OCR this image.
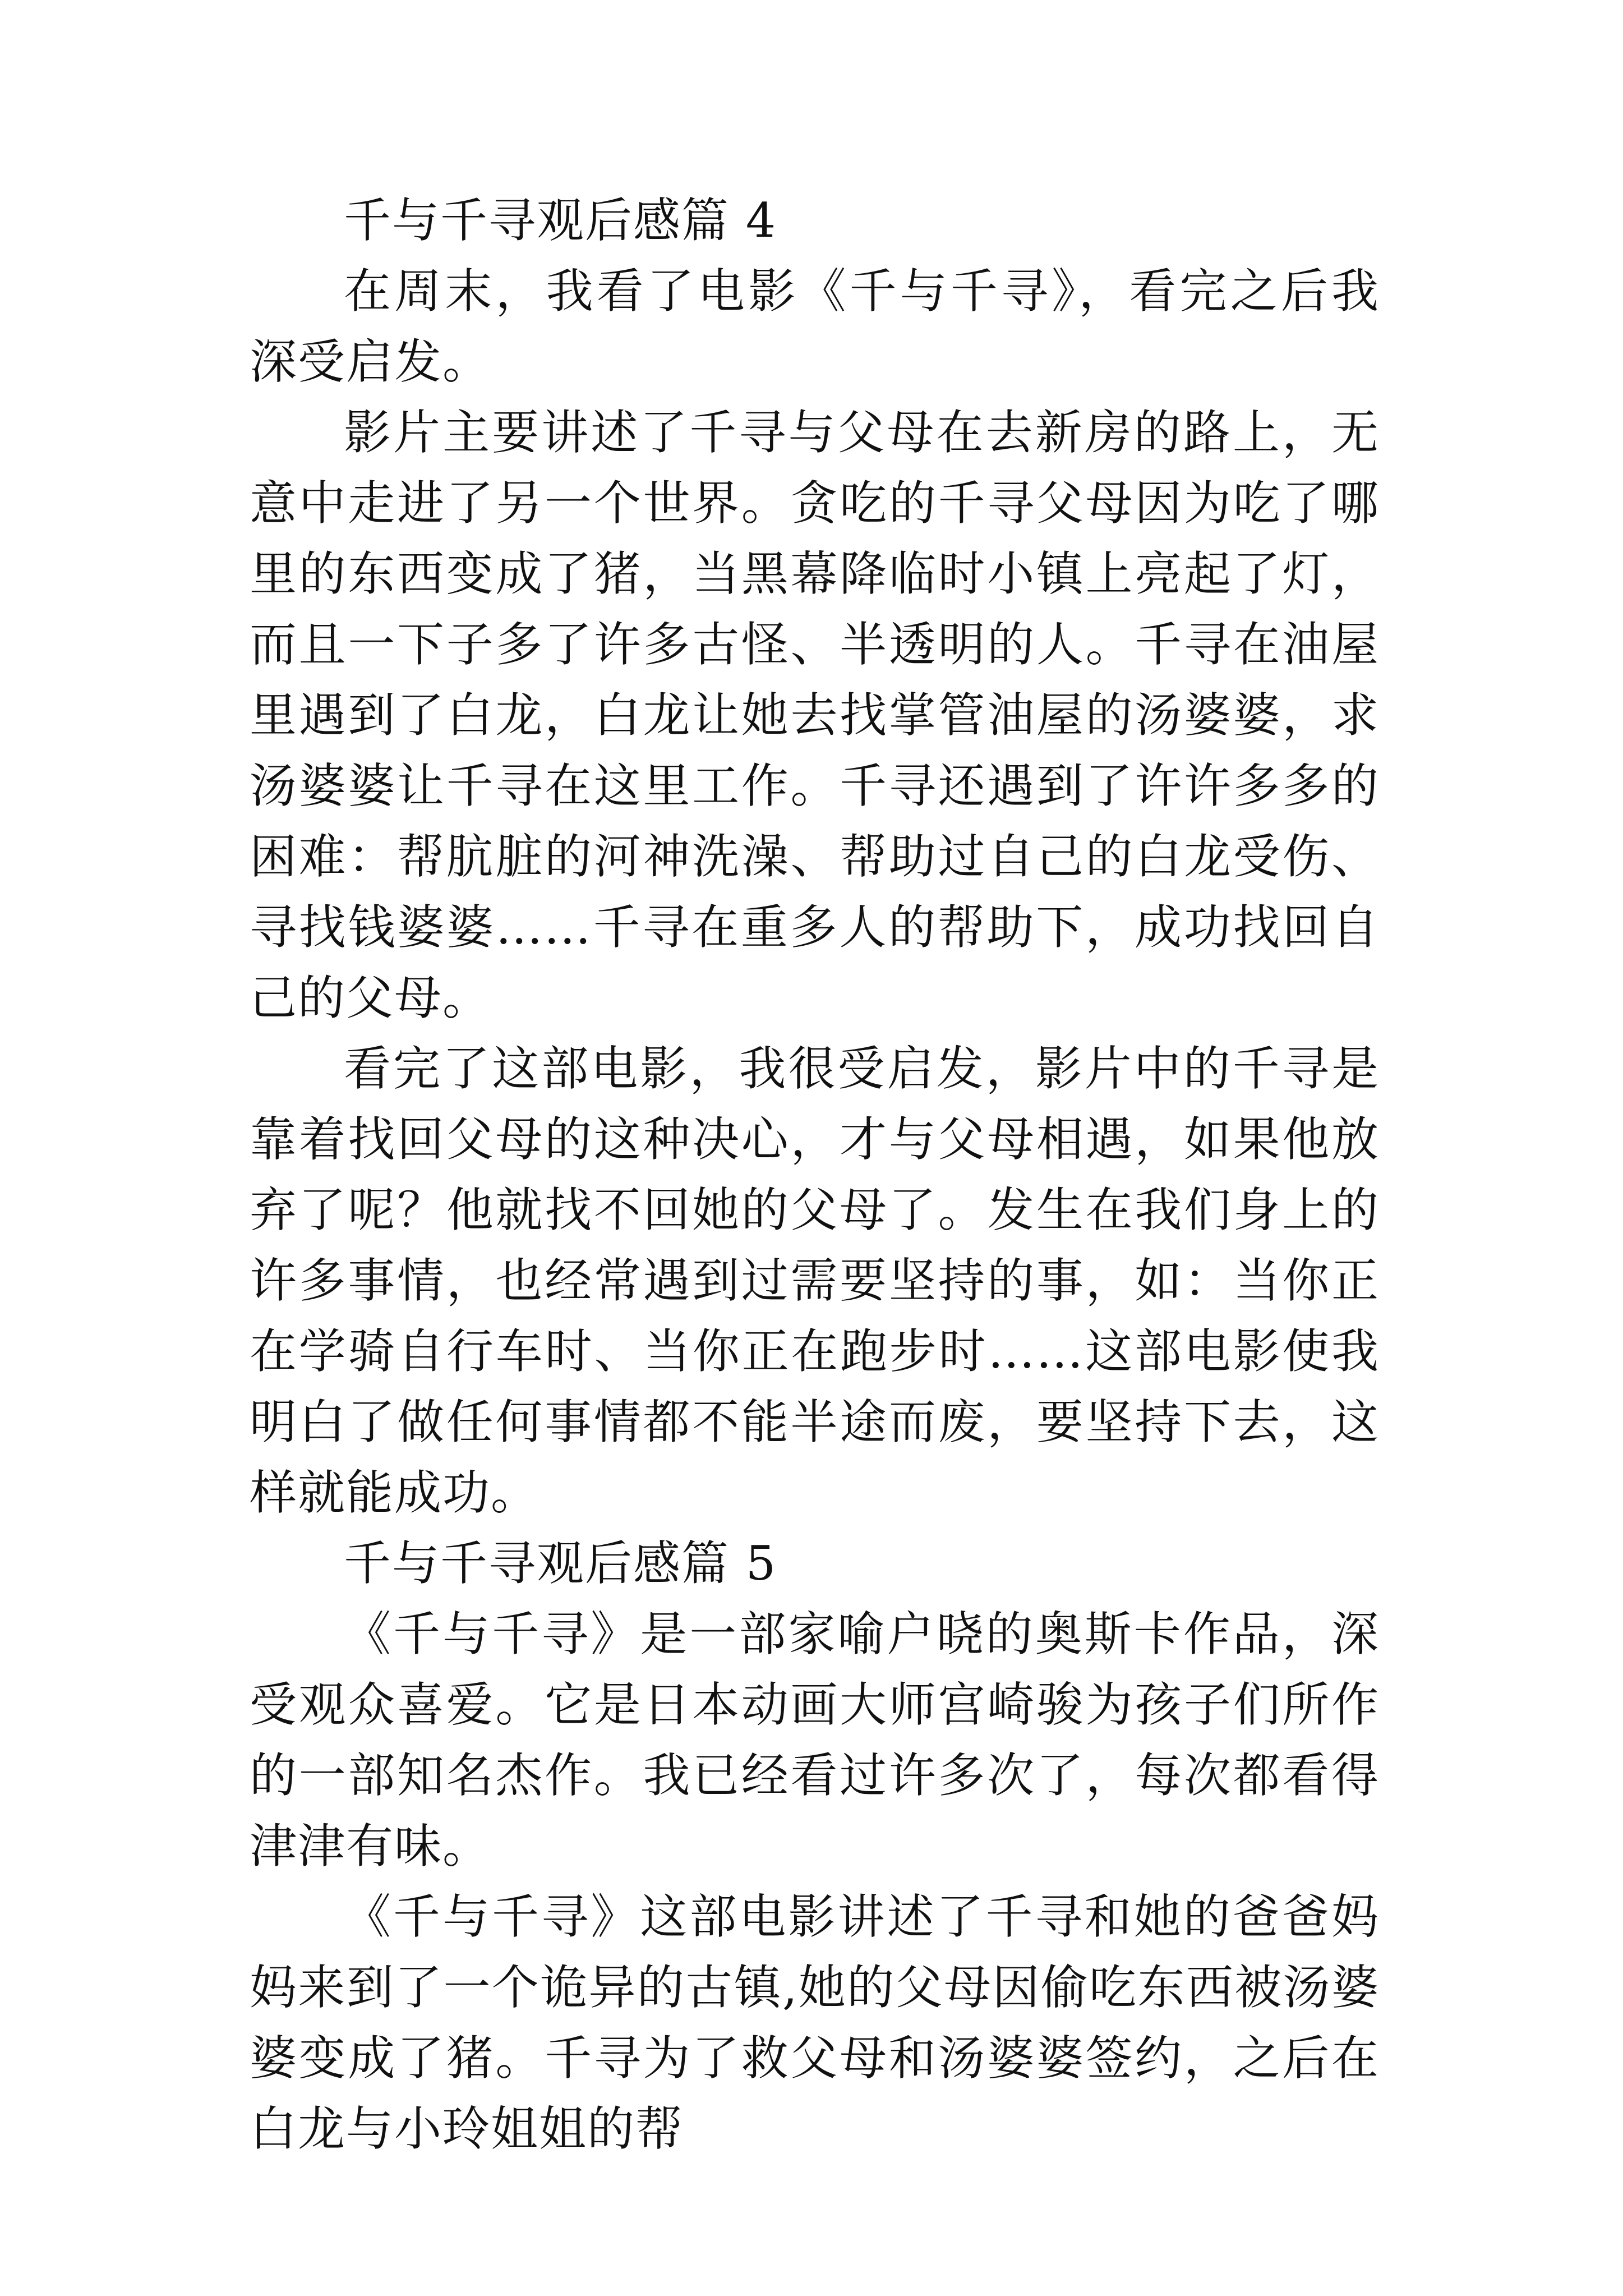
千与千寻观后感篇 4

在周末，我看了电影《千与千寻》，看完之后我深受启发。

影片主要讲述了千寻与父母在去新房的路上，无意中走进了另一个世界。贪吃的千寻父母因为吃了哪里的东西变成了猪，当黑幕降临时小镇上亮起了灯，而且一下子多了许多古怪、半透明的人。千寻在油屋里遇到了白龙，白龙让她去找掌管油屋的汤婆婆，求汤婆婆让千寻在这里工作。千寻还遇到了许许多多的困难：帮肮脏的河神洗澡、帮助过自己的白龙受伤、寻找钱婆婆……千寻在重多人的帮助下，成功找回自己的父母。

看完了这部电影，我很受启发，影片中的千寻是靠着找回父母的这种决心，才与父母相遇，如果他放弃了呢？他就找不回她的父母了。发生在我们身上的许多事情，也经常遇到过需要坚持的事，如：当你正在学骑自行车时、当你正在跑步时……这部电影使我明白了做任何事情都不能半途而废，要坚持下去，这样就能成功。

千与千寻观后感篇 5

《千与千寻》是一部家喻户晓的奥斯卡作品，深受观众喜爱。它是日本动画大师宫崎骏为孩子们所作的一部知名杰作。我已经看过许多次了，每次都看得津津有味。

《千与千寻》这部电影讲述了千寻和她的爸爸妈妈来到了一个诡异的古镇,她的父母因偷吃东西被汤婆婆变成了猪。千寻为了救父母和汤婆婆签约，之后在白龙与小玲姐姐的帮
